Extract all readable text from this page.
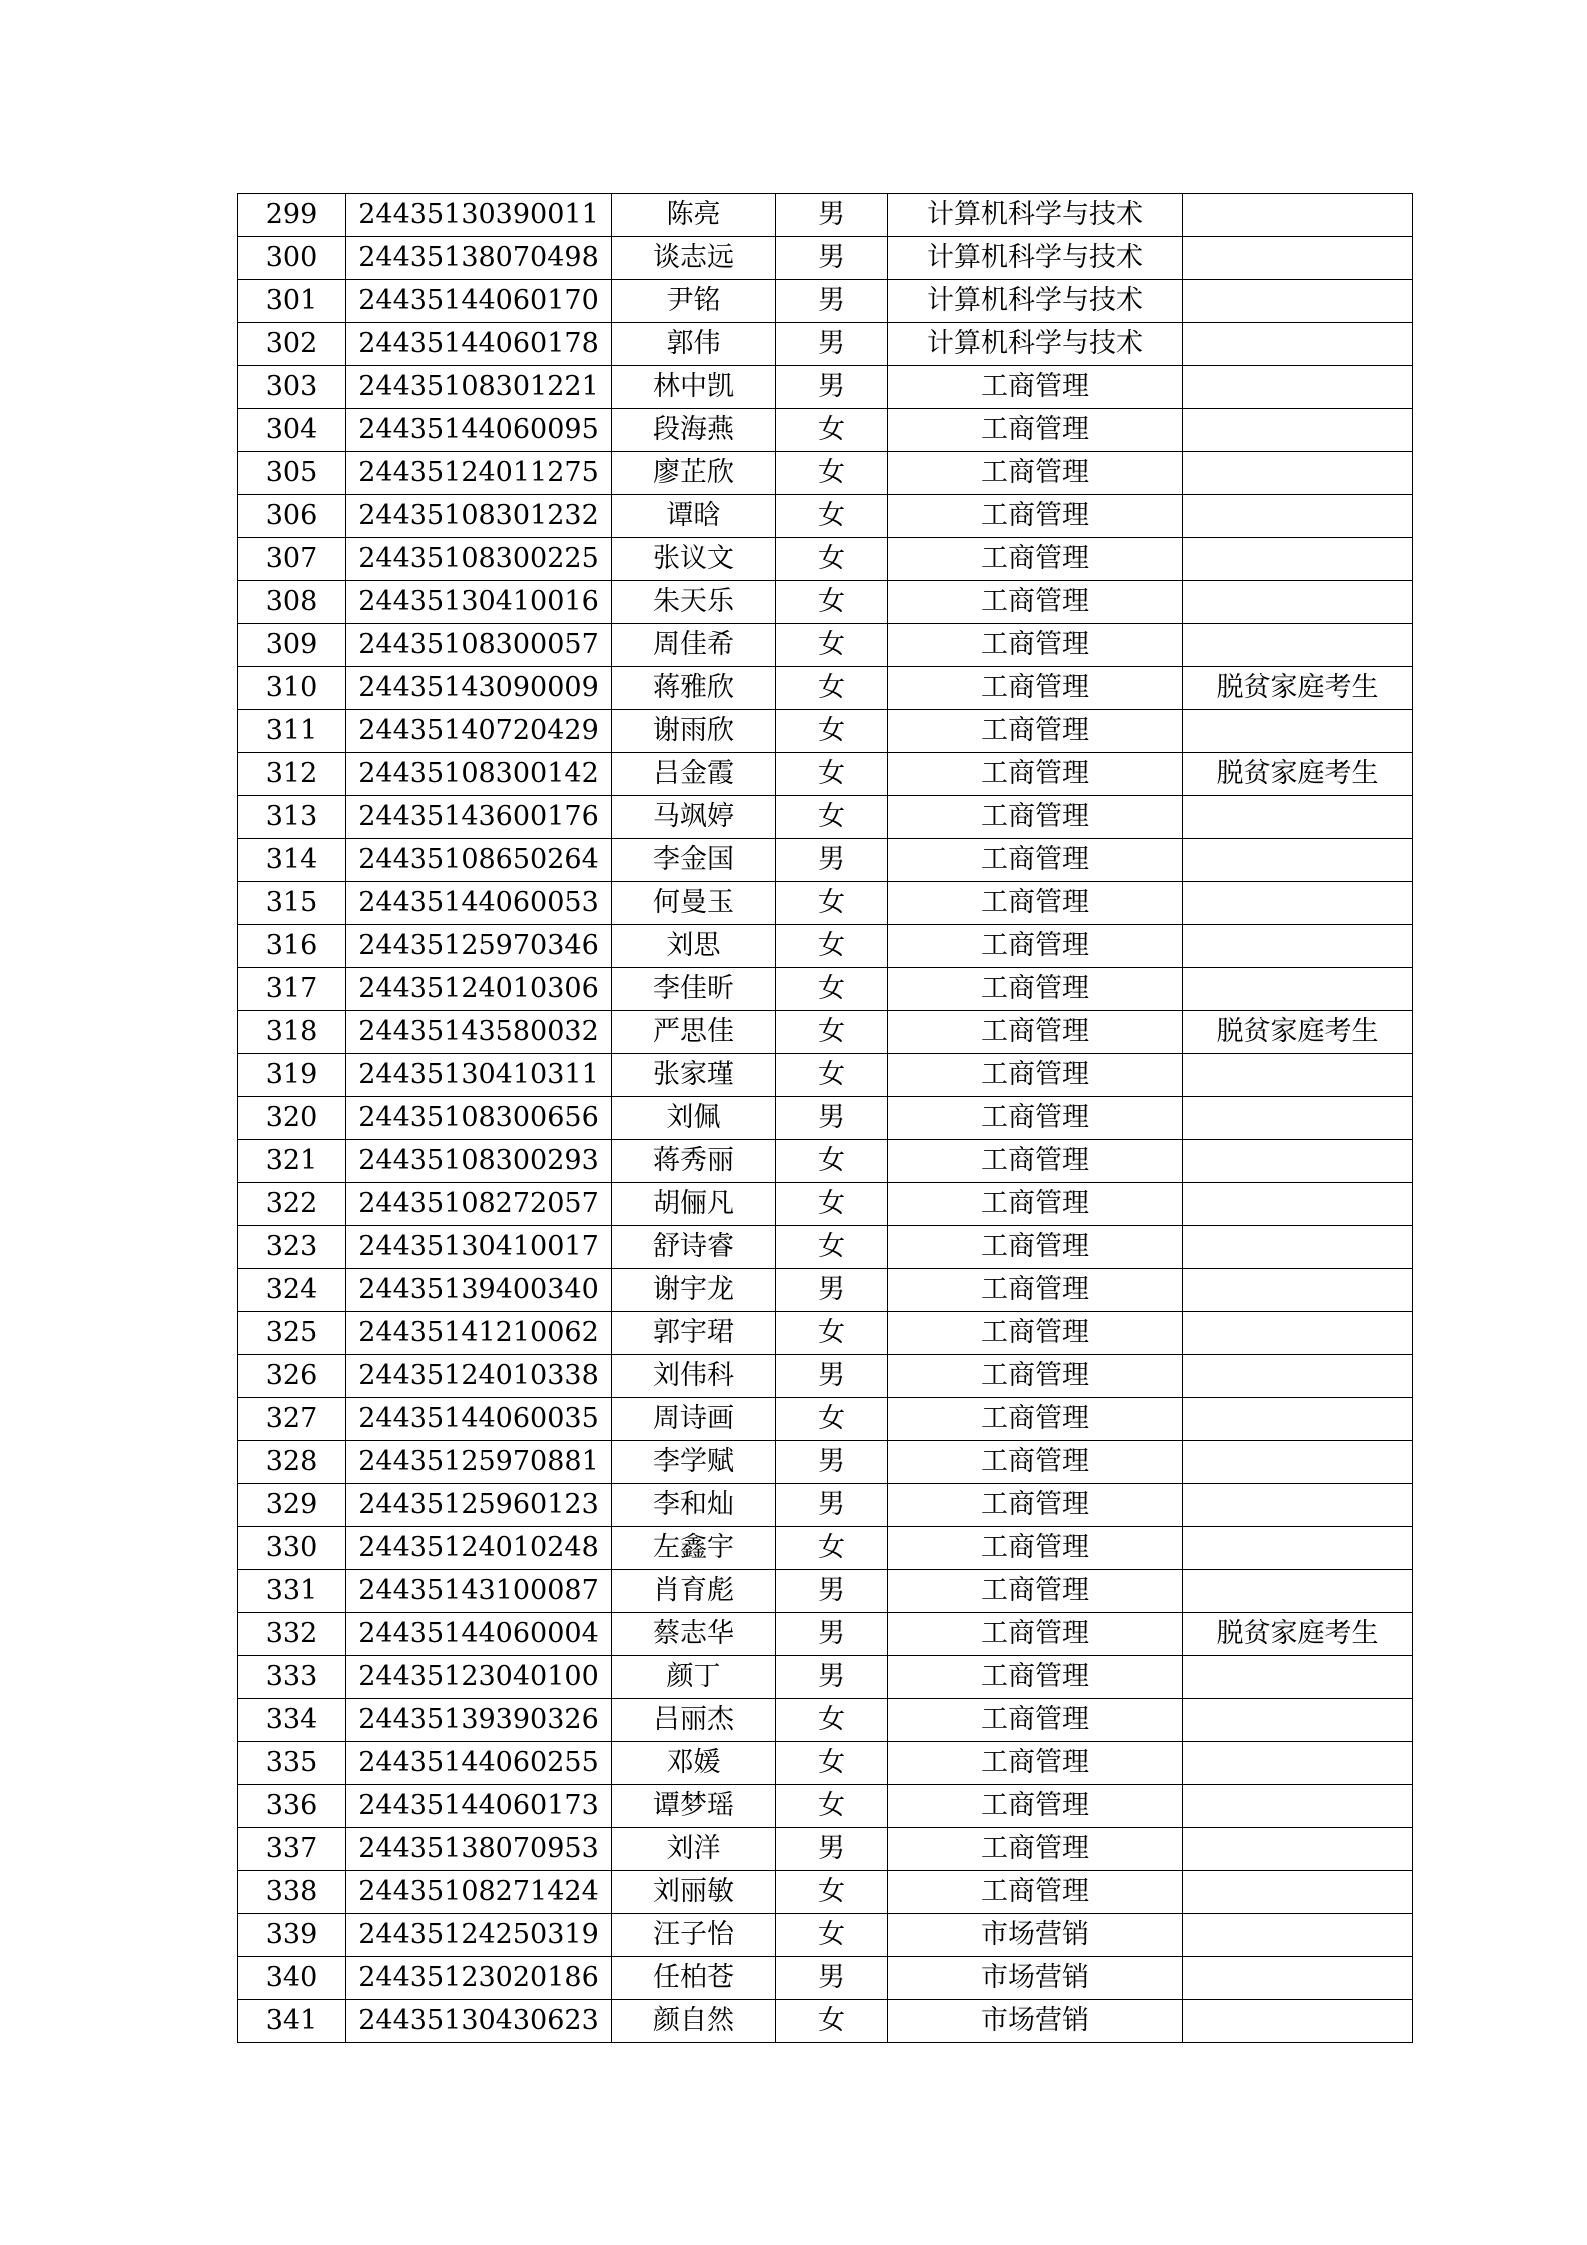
299	24435130390011	陈亮	男	计算机科学与技术	
300	24435138070498	谈志远	男	计算机科学与技术	
301	24435144060170	尹铭	男	计算机科学与技术	
302	24435144060178	郭伟	男	计算机科学与技术	
303	24435108301221	林中凯	男	工商管理	
304	24435144060095	段海燕	女	工商管理	
305	24435124011275	廖芷欣	女	工商管理	
306	24435108301232	谭晗	女	工商管理	
307	24435108300225	张议文	女	工商管理	
308	24435130410016	朱天乐	女	工商管理	
309	24435108300057	周佳希	女	工商管理	
310	24435143090009	蒋雅欣	女	工商管理	脱贫家庭考生
311	24435140720429	谢雨欣	女	工商管理	
312	24435108300142	吕金霞	女	工商管理	脱贫家庭考生
313	24435143600176	马飒婷	女	工商管理	
314	24435108650264	李金国	男	工商管理	
315	24435144060053	何曼玉	女	工商管理	
316	24435125970346	刘思	女	工商管理	
317	24435124010306	李佳昕	女	工商管理	
318	24435143580032	严思佳	女	工商管理	脱贫家庭考生
319	24435130410311	张家瑾	女	工商管理	
320	24435108300656	刘佩	男	工商管理	
321	24435108300293	蒋秀丽	女	工商管理	
322	24435108272057	胡俪凡	女	工商管理	
323	24435130410017	舒诗睿	女	工商管理	
324	24435139400340	谢宇龙	男	工商管理	
325	24435141210062	郭宇珺	女	工商管理	
326	24435124010338	刘伟科	男	工商管理	
327	24435144060035	周诗画	女	工商管理	
328	24435125970881	李学赋	男	工商管理	
329	24435125960123	李和灿	男	工商管理	
330	24435124010248	左鑫宇	女	工商管理	
331	24435143100087	肖育彪	男	工商管理	
332	24435144060004	蔡志华	男	工商管理	脱贫家庭考生
333	24435123040100	颜丁	男	工商管理	
334	24435139390326	吕丽杰	女	工商管理	
335	24435144060255	邓媛	女	工商管理	
336	24435144060173	谭梦瑶	女	工商管理	
337	24435138070953	刘洋	男	工商管理	
338	24435108271424	刘丽敏	女	工商管理	
339	24435124250319	汪子怡	女	市场营销	
340	24435123020186	任柏苍	男	市场营销	
341	24435130430623	颜自然	女	市场营销	
